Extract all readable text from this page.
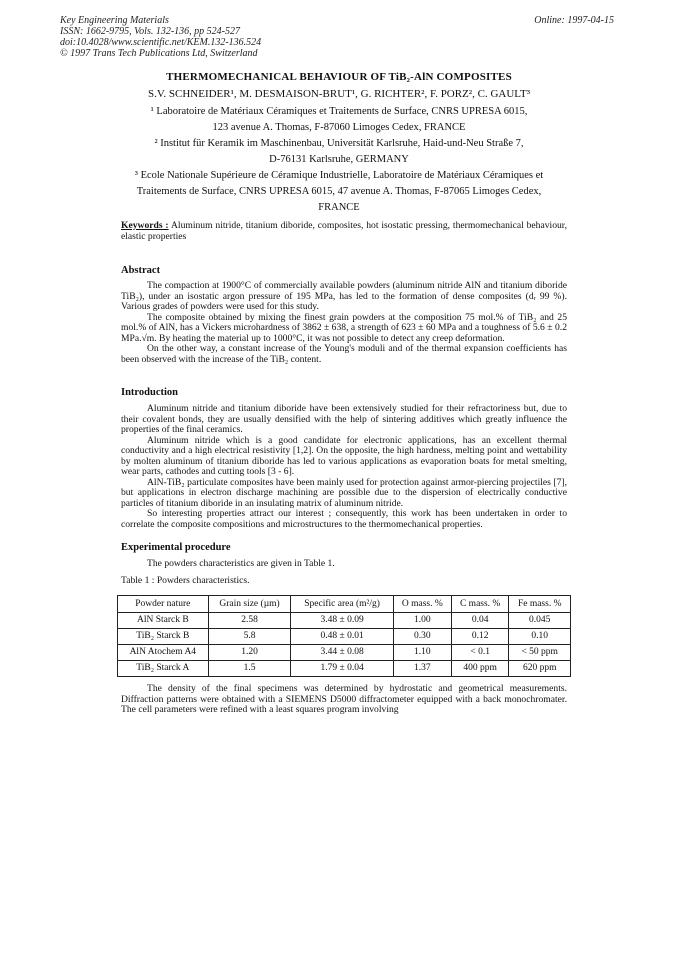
Key Engineering Materials
ISSN: 1662-9795, Vols. 132-136, pp 524-527
doi:10.4028/www.scientific.net/KEM.132-136.524
© 1997 Trans Tech Publications Ltd, Switzerland
Online: 1997-04-15
THERMOMECHANICAL BEHAVIOUR OF TiB₂-AlN COMPOSITES
S.V. SCHNEIDER¹, M. DESMAISON-BRUT¹, G. RICHTER², F. PORZ², C. GAULT³
¹ Laboratoire de Matériaux Céramiques et Traitements de Surface, CNRS UPRESA 6015,
123 avenue A. Thomas, F-87060 Limoges Cedex, FRANCE
² Institut für Keramik im Maschinenbau, Universität Karlsruhe, Haid-und-Neu Straße 7,
D-76131 Karlsruhe, GERMANY
³ Ecole Nationale Supérieure de Céramique Industrielle, Laboratoire de Matériaux Céramiques et
Traitements de Surface, CNRS UPRESA 6015, 47 avenue A. Thomas, F-87065 Limoges Cedex,
FRANCE
Keywords : Aluminum nitride, titanium diboride, composites, hot isostatic pressing, thermomechanical behaviour, elastic properties
Abstract

The compaction at 1900°C of commercially available powders (aluminum nitride AlN and titanium diboride TiB₂), under an isostatic argon pressure of 195 MPa, has led to the formation of dense composites (dᵣ 99 %). Various grades of powders were used for this study.

The composite obtained by mixing the finest grain powders at the composition 75 mol.% of TiB₂ and 25 mol.% of AlN, has a Vickers microhardness of 3862 ± 638, a strength of 623 ± 60 MPa and a toughness of 5.6 ± 0.2 MPa.√m. By heating the material up to 1000°C, it was not possible to detect any creep deformation.

On the other way, a constant increase of the Young's moduli and of the thermal expansion coefficients has been observed with the increase of the TiB₂ content.

Introduction

Aluminum nitride and titanium diboride have been extensively studied for their refractoriness but, due to their covalent bonds, they are usually densified with the help of sintering additives which greatly influence the properties of the final ceramics.

Aluminum nitride which is a good candidate for electronic applications, has an excellent thermal conductivity and a high electrical resistivity [1,2]. On the opposite, the high hardness, melting point and wettability by molten aluminum of titanium diboride has led to various applications as evaporation boats for metal smelting, wear parts, cathodes and cutting tools [3 - 6].

AlN-TiB₂ particulate composites have been mainly used for protection against armor-piercing projectiles [7], but applications in electron discharge machining are possible due to the dispersion of electrically conductive particles of titanium diboride in an insulating matrix of aluminum nitride.

So interesting properties attract our interest ; consequently, this work has been undertaken in order to correlate the composite compositions and microstructures to the thermomechanical properties.

Experimental procedure

The powders characteristics are given in Table 1.

Table 1 : Powders characteristics.
Powder nature	Grain size (µm)	Specific area (m²/g)	O mass. %	C mass. %	Fe mass. %
AlN Starck B	2.58	3.48 ± 0.09	1.00	0.04	0.045
TiB₂ Starck B	5.8	0.48 ± 0.01	0.30	0.12	0.10
AlN Atochem A4	1.20	3.44 ± 0.08	1.10	< 0.1	< 50 ppm
TiB₂ Starck A	1.5	1.79 ± 0.04	1.37	400 ppm	620 ppm

The density of the final specimens was determined by hydrostatic and geometrical measurements. Diffraction patterns were obtained with a SIEMENS D5000 diffractometer equipped with a back monochromater. The cell parameters were refined with a least squares program involving
